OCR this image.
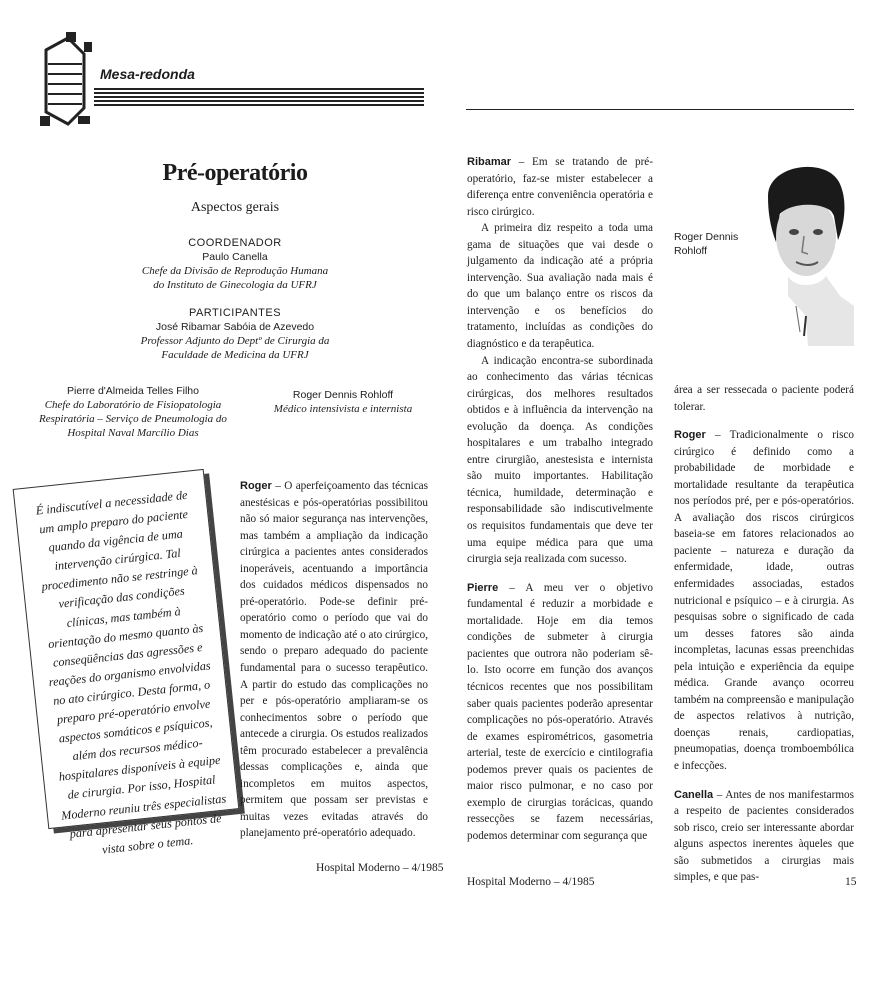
Mesa-redonda
Pré-operatório
Aspectos gerais
COORDENADOR
Paulo Canella
Chefe da Divisão de Reprodução Humana
do Instituto de Ginecologia da UFRJ
PARTICIPANTES
José Ribamar Sabóia de Azevedo
Professor Adjunto do Deptº de Cirurgia da
Faculdade de Medicina da UFRJ
Pierre d'Almeida Telles Filho
Chefe do Laboratório de Fisiopatologia
Respiratória – Serviço de Pneumologia do
Hospital Naval Marcílio Dias
Roger Dennis Rohloff
Médico intensivista e internista
É indiscutível a necessidade de um amplo preparo do paciente quando da vigência de uma intervenção cirúrgica. Tal procedimento não se restringe à verificação das condições clínicas, mas também à orientação do mesmo quanto às conseqüências das agressões e reações do organismo envolvidas no ato cirúrgico. Desta forma, o preparo pré-operatório envolve aspectos somáticos e psíquicos, além dos recursos médico-hospitalares disponíveis à equipe de cirurgia. Por isso, Hospital Moderno reuniu três especialistas para apresentar seus pontos de vista sobre o tema.

Roger – O aperfeiçoamento das técnicas anestésicas e pós-operatórias possibilitou não só maior segurança nas intervenções, mas também a ampliação da indicação cirúrgica a pacientes antes considerados inoperáveis, acentuando a importância dos cuidados médicos dispensados no pré-operatório. Pode-se definir pré-operatório como o período que vai do momento de indicação até o ato cirúrgico, sendo o preparo adequado do paciente fundamental para o sucesso terapêutico. A partir do estudo das complicações no per e pós-operatório ampliaram-se os conhecimentos sobre o período que antecede a cirurgia. Os estudos realizados têm procurado estabelecer a prevalência dessas complicações e, ainda que incompletos em muitos aspectos, permitem que possam ser previstas e muitas vezes evitadas através do planejamento pré-operatório adequado.

Hospital Moderno – 4/1985

Ribamar – Em se tratando de pré-operatório, faz-se mister estabelecer a diferença entre conveniência operatória e risco cirúrgico.

A primeira diz respeito a toda uma gama de situações que vai desde o julgamento da indicação até a própria intervenção. Sua avaliação nada mais é do que um balanço entre os riscos da intervenção e os benefícios do tratamento, incluídas as condições do diagnóstico e da terapêutica.

A indicação encontra-se subordinada ao conhecimento das várias técnicas cirúrgicas, dos melhores resultados obtidos e à influência da intervenção na evolução da doença. As condições hospitalares e um trabalho integrado entre cirurgião, anestesista e internista são muito importantes. Habilitação técnica, humildade, determinação e responsabilidade são indiscutivelmente os requisitos fundamentais que deve ter uma equipe médica para que uma cirurgia seja realizada com sucesso.

Pierre – A meu ver o objetivo fundamental é reduzir a morbidade e mortalidade. Hoje em dia temos condições de submeter à cirurgia pacientes que outrora não poderiam sê-lo. Isto ocorre em função dos avanços técnicos recentes que nos possibilitam saber quais pacientes poderão apresentar complicações no pós-operatório. Através de exames espirométricos, gasometria arterial, teste de exercício e cintilografia podemos prever quais os pacientes de maior risco pulmonar, e no caso por exemplo de cirurgias torácicas, quando ressecções se fazem necessárias, podemos determinar com segurança que

Hospital Moderno – 4/1985	15
Roger Dennis
Rohloff

área a ser ressecada o paciente poderá tolerar.

Roger – Tradicionalmente o risco cirúrgico é definido como a probabilidade de morbidade e mortalidade resultante da terapêutica nos períodos pré, per e pós-operatórios. A avaliação dos riscos cirúrgicos baseia-se em fatores relacionados ao paciente – natureza e duração da enfermidade, idade, outras enfermidades associadas, estados nutricional e psíquico – e à cirurgia. As pesquisas sobre o significado de cada um desses fatores são ainda incompletas, lacunas essas preenchidas pela intuição e experiência da equipe médica. Grande avanço ocorreu também na compreensão e manipulação de aspectos relativos à nutrição, doenças renais, cardiopatias, pneumopatias, doença tromboembólica e infecções.

Canella – Antes de nos manifestarmos a respeito de pacientes considerados sob risco, creio ser interessante abordar alguns aspectos inerentes àqueles que são submetidos a cirurgias mais simples, e que pas-
